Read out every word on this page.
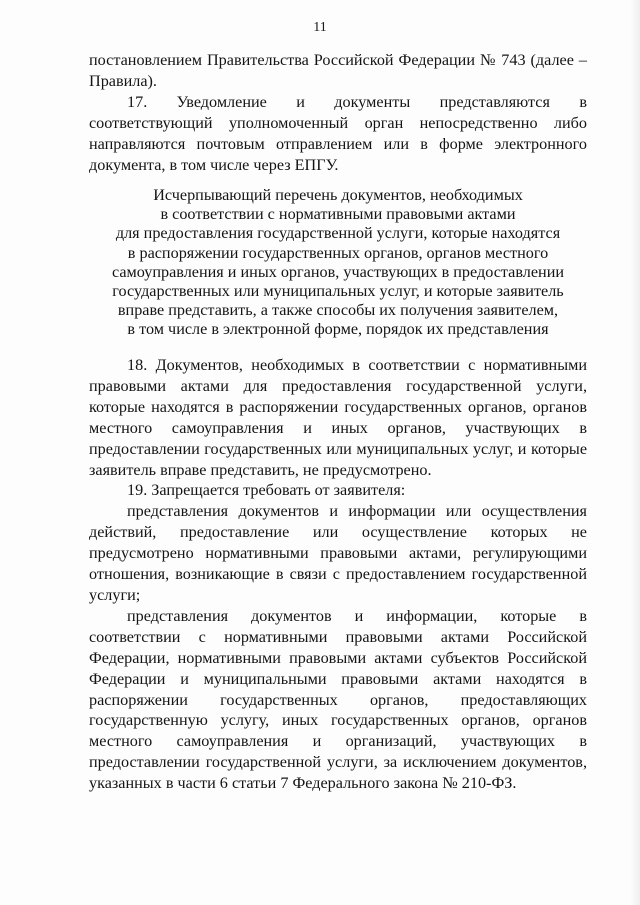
11

постановлением Правительства Российской Федерации № 743 (далее – Правила).

17. Уведомление и документы представляются в соответствующий уполномоченный орган непосредственно либо направляются почтовым отправлением или в форме электронного документа, в том числе через ЕПГУ.

Исчерпывающий перечень документов, необходимых
в соответствии с нормативными правовыми актами
для предоставления государственной услуги, которые находятся
в распоряжении государственных органов, органов местного
самоуправления и иных органов, участвующих в предоставлении
государственных или муниципальных услуг, и которые заявитель
вправе представить, а также способы их получения заявителем,
в том числе в электронной форме, порядок их представления

18. Документов, необходимых в соответствии с нормативными правовыми актами для предоставления государственной услуги, которые находятся в распоряжении государственных органов, органов местного самоуправления и иных органов, участвующих в предоставлении государственных или муниципальных услуг, и которые заявитель вправе представить, не предусмотрено.

19. Запрещается требовать от заявителя:

представления документов и информации или осуществления действий, предоставление или осуществление которых не предусмотрено нормативными правовыми актами, регулирующими отношения, возникающие в связи с предоставлением государственной услуги;

представления документов и информации, которые в соответствии с нормативными правовыми актами Российской Федерации, нормативными правовыми актами субъектов Российской Федерации и муниципальными правовыми актами находятся в распоряжении государственных органов, предоставляющих государственную услугу, иных государственных органов, органов местного самоуправления и организаций, участвующих в предоставлении государственной услуги, за исключением документов, указанных в части 6 статьи 7 Федерального закона № 210-ФЗ.
